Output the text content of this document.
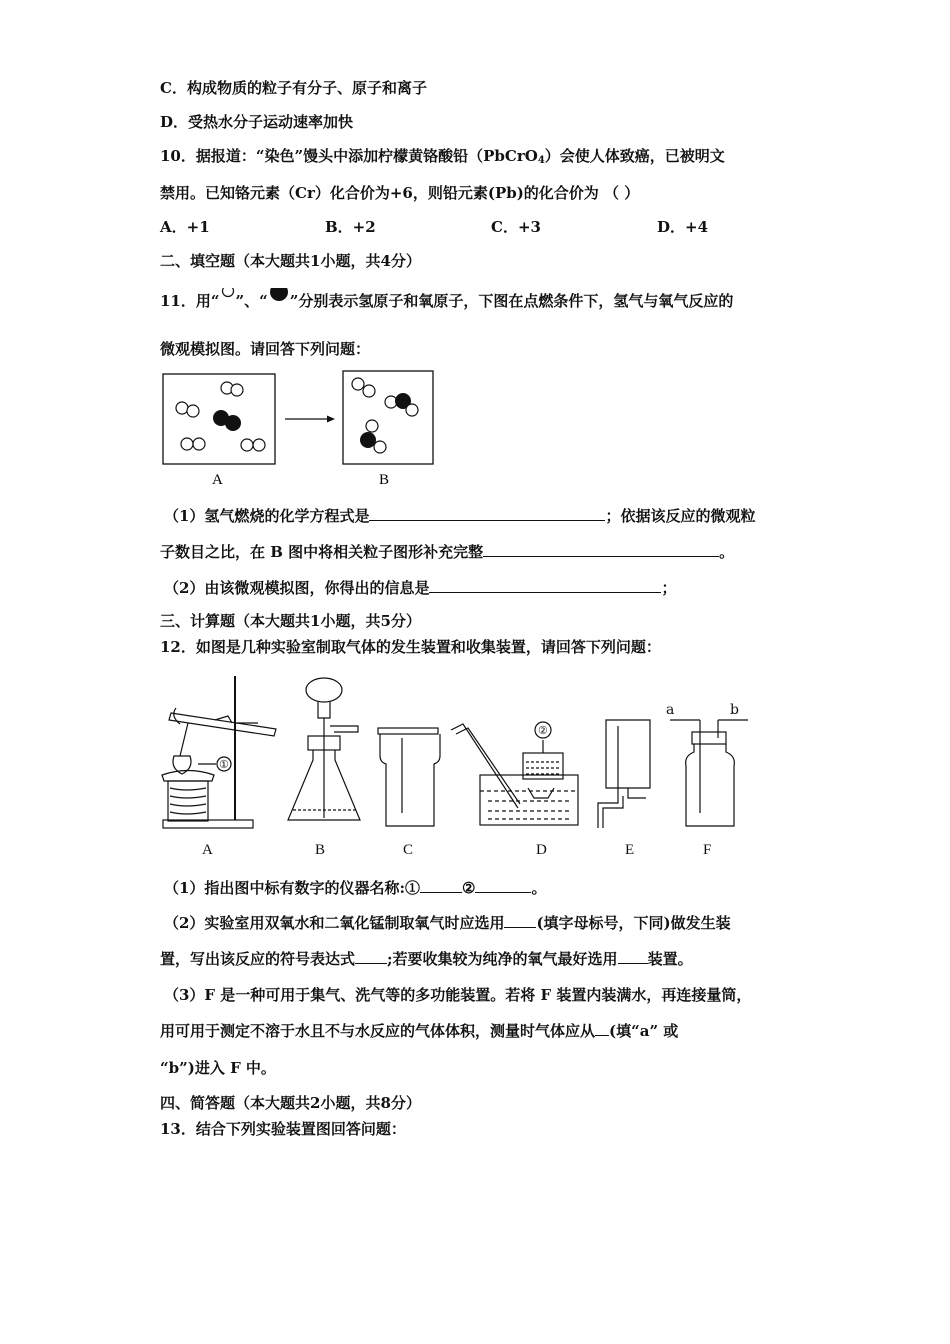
C．构成物质的粒子有分子、原子和离子
D．受热水分子运动速率加快
10．据报道：“染色”馒头中添加柠檬黄铬酸铅（PbCrO$_4$）会使人体致癌，已被明文
禁用。已知铬元素（Cr）化合价为+6，则铅元素(Pb)的化合价为 （ ）
A．+1	B．+2	C．+3	D．+4
二、填空题（本大题共1小题，共4分）
11．用“ ”、“ ”分别表示氢原子和氧原子，下图在点燃条件下，氢气与氧气反应的
微观模拟图。请回答下列问题：
A	B
（1）氢气燃烧的化学方程式是	；依据该反应的微观粒
子数目之比，在 B 图中将相关粒子图形补充完整	。
（2）由该微观模拟图，你得出的信息是	；
三、计算题（本大题共1小题，共5分）
12．如图是几种实验室制取气体的发生装置和收集装置，请回答下列问题：
①
②
a	b
A	B	C	D	E	F
（1）指出图中标有数字的仪器名称:①	②	。
（2）实验室用双氧水和二氧化锰制取氧气时应选用 (填字母标号，下同)做发生装
置，写出该反应的符号表达式 ;若要收集较为纯净的氧气最好选用 装置。
（3）F 是一种可用于集气、洗气等的多功能装置。若将 F 装置内装满水，再连接量筒，
用可用于测定不溶于水且不与水反应的气体体积，测量时气体应从 (填“a” 或
“b”)进入 F 中。
四、简答题（本大题共2小题，共8分）
13．结合下列实验装置图回答问题：
